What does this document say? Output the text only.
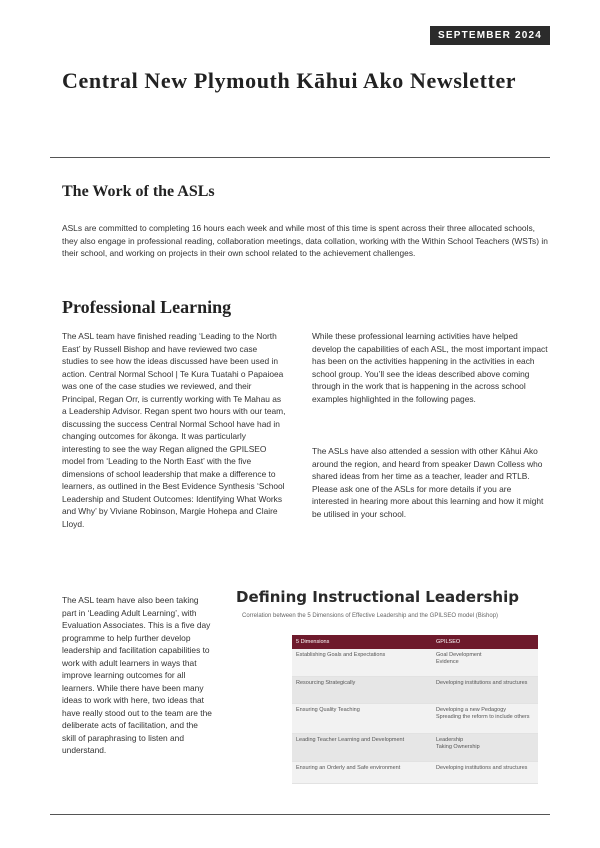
SEPTEMBER 2024
Central New Plymouth Kāhui Ako Newsletter
The Work of the ASLs

ASLs are committed to completing 16 hours each week and while most of this time is spent across their three allocated schools, they also engage in professional reading, collaboration meetings, data collation, working with the Within School Teachers (WSTs) in their school, and working on projects in their own school related to the achievement challenges.

Professional Learning

The ASL team have finished reading ‘Leading to the North East’ by Russell Bishop and have reviewed two case studies to see how the ideas discussed have been used in action. Central Normal School | Te Kura Tuatahi o Papaioea was one of the case studies we reviewed, and their Principal, Regan Orr, is currently working with Te Mahau as a Leadership Advisor. Regan spent two hours with our team, discussing the success Central Normal School have had in changing outcomes for ākonga. It was particularly interesting to see the way Regan aligned the GPILSEO model from ‘Leading to the North East’ with the five dimensions of school leadership that make a difference to learners, as outlined in the Best Evidence Synthesis ‘School Leadership and Student Outcomes: Identifying What Works and Why’ by Viviane Robinson, Margie Hohepa and Claire Lloyd.

While these professional learning activities have helped develop the capabilities of each ASL, the most important impact has been on the activities happening in the activities in each school group. You’ll see the ideas described above coming through in the work that is happening in the across school examples highlighted in the following pages.

The ASLs have also attended a session with other Kāhui Ako around the region, and heard from speaker Dawn Colless who shared ideas from her time as a teacher, leader and RTLB. Please ask one of the ASLs for more details if you are interested in hearing more about this learning and how it might be utilised in your school.

The ASL team have also been taking part in ‘Leading Adult Learning’, with Evaluation Associates. This is a five day programme to help further develop leadership and facilitation capabilities to work with adult learners in ways that improve learning outcomes for all learners. While there have been many ideas to work with here, two ideas that have really stood out to the team are the deliberate acts of facilitation, and the skill of paraphrasing to listen and understand.

Defining Instructional Leadership

Correlation between the 5 Dimensions of Effective Leadership and the GPILSEO model (Bishop)

5 Dimensions	GPILSEO
Establishing Goals and Expectations	Goal Development
Evidence

Resourcing Strategically	Developing institutions and structures

Ensuring Quality Teaching	Developing a new Pedagogy
Spreading the reform to include others

Leading Teacher Learning and Development	Leadership
Taking Ownership

Ensuring an Orderly and Safe environment	Developing institutions and structures
